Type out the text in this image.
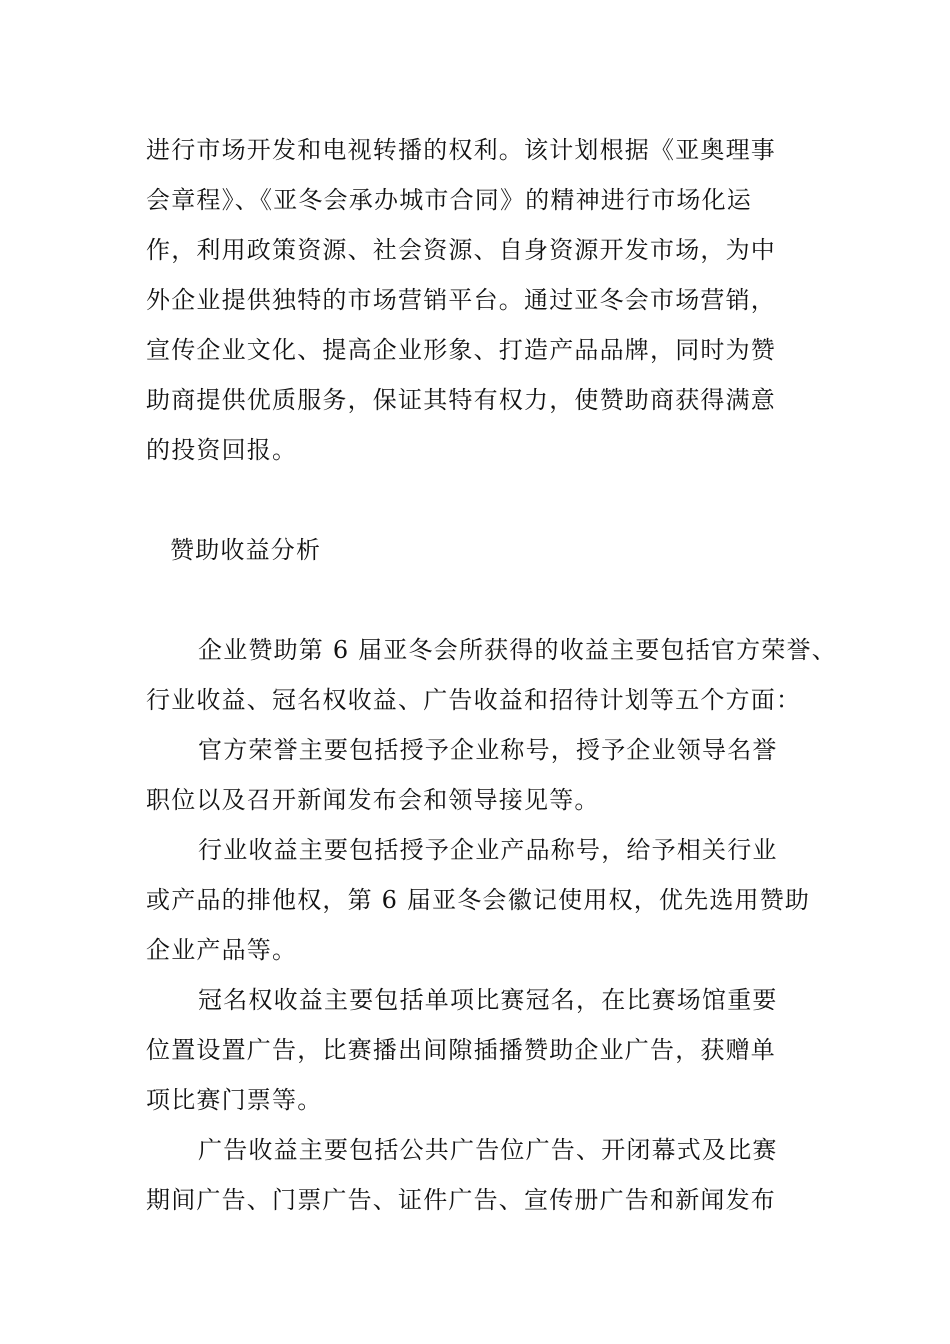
进行市场开发和电视转播的权利。该计划根据《亚奥理事
会章程》、《亚冬会承办城市合同》的精神进行市场化运
作，利用政策资源、社会资源、自身资源开发市场，为中
外企业提供独特的市场营销平台。通过亚冬会市场营销，
宣传企业文化、提高企业形象、打造产品品牌，同时为赞
助商提供优质服务，保证其特有权力，使赞助商获得满意
的投资回报。
赞助收益分析
企业赞助第 6 届亚冬会所获得的收益主要包括官方荣誉、
行业收益、冠名权收益、广告收益和招待计划等五个方面：
官方荣誉主要包括授予企业称号，授予企业领导名誉
职位以及召开新闻发布会和领导接见等。
行业收益主要包括授予企业产品称号，给予相关行业
或产品的排他权，第 6 届亚冬会徽记使用权，优先选用赞助
企业产品等。
冠名权收益主要包括单项比赛冠名，在比赛场馆重要
位置设置广告，比赛播出间隙插播赞助企业广告，获赠单
项比赛门票等。
广告收益主要包括公共广告位广告、开闭幕式及比赛
期间广告、门票广告、证件广告、宣传册广告和新闻发布
